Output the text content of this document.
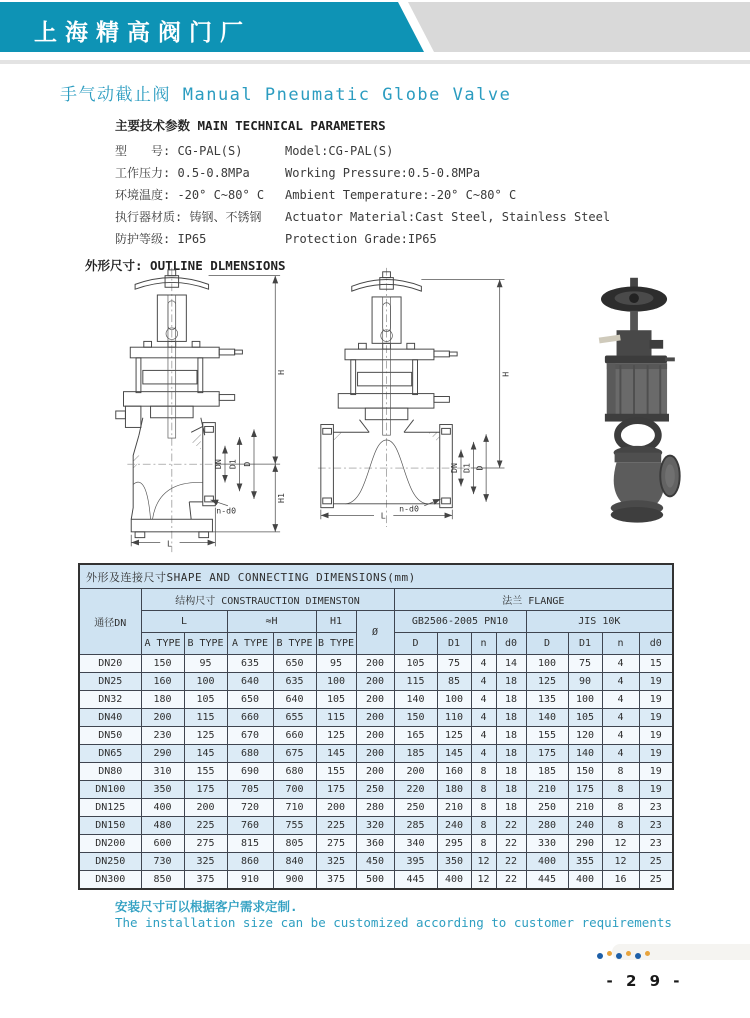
上海精高阀门厂
手气动截止阀 Manual Pneumatic Globe Valve
主要技术参数 MAIN TECHNICAL PARAMETERS
型　　号: CG-PAL(S)	Model:CG-PAL(S)
工作压力: 0.5-0.8MPa	Working Pressure:0.5-0.8MPa
环境温度: -20° C~80° C	Ambient Temperature:-20° C~80° C
执行器材质: 铸钢、不锈钢	Actuator Material:Cast Steel, Stainless Steel
防护等级: IP65	Protection Grade:IP65
外形尺寸: OUTLINE DLMENSIONS
DN D1 D
H
H1
n-d0
L
DN D1 D
H
n-d0
L
外形及连接尺寸SHAPE AND CONNECTING DIMENSIONS(mm)														
通径DN	结构尺寸 CONSTRAUCTION DIMENSTON						法兰 FLANGE							
	L		≈H		H1	Ø	GB2506-2005 PN10				JIS 10K			
	A TYPE	B TYPE	A TYPE	B TYPE	B TYPE		D	D1	n	d0	D	D1	n	d0
DN20	150	95	635	650	95	200	105	75	4	14	100	75	4	15
DN25	160	100	640	635	100	200	115	85	4	18	125	90	4	19
DN32	180	105	650	640	105	200	140	100	4	18	135	100	4	19
DN40	200	115	660	655	115	200	150	110	4	18	140	105	4	19
DN50	230	125	670	660	125	200	165	125	4	18	155	120	4	19
DN65	290	145	680	675	145	200	185	145	4	18	175	140	4	19
DN80	310	155	690	680	155	200	200	160	8	18	185	150	8	19
DN100	350	175	705	700	175	250	220	180	8	18	210	175	8	19
DN125	400	200	720	710	200	280	250	210	8	18	250	210	8	23
DN150	480	225	760	755	225	320	285	240	8	22	280	240	8	23
DN200	600	275	815	805	275	360	340	295	8	22	330	290	12	23
DN250	730	325	860	840	325	450	395	350	12	22	400	355	12	25
DN300	850	375	910	900	375	500	445	400	12	22	445	400	16	25
安装尺寸可以根据客户需求定制.
The installation size can be customized according to customer requirements
- 2 9 -
